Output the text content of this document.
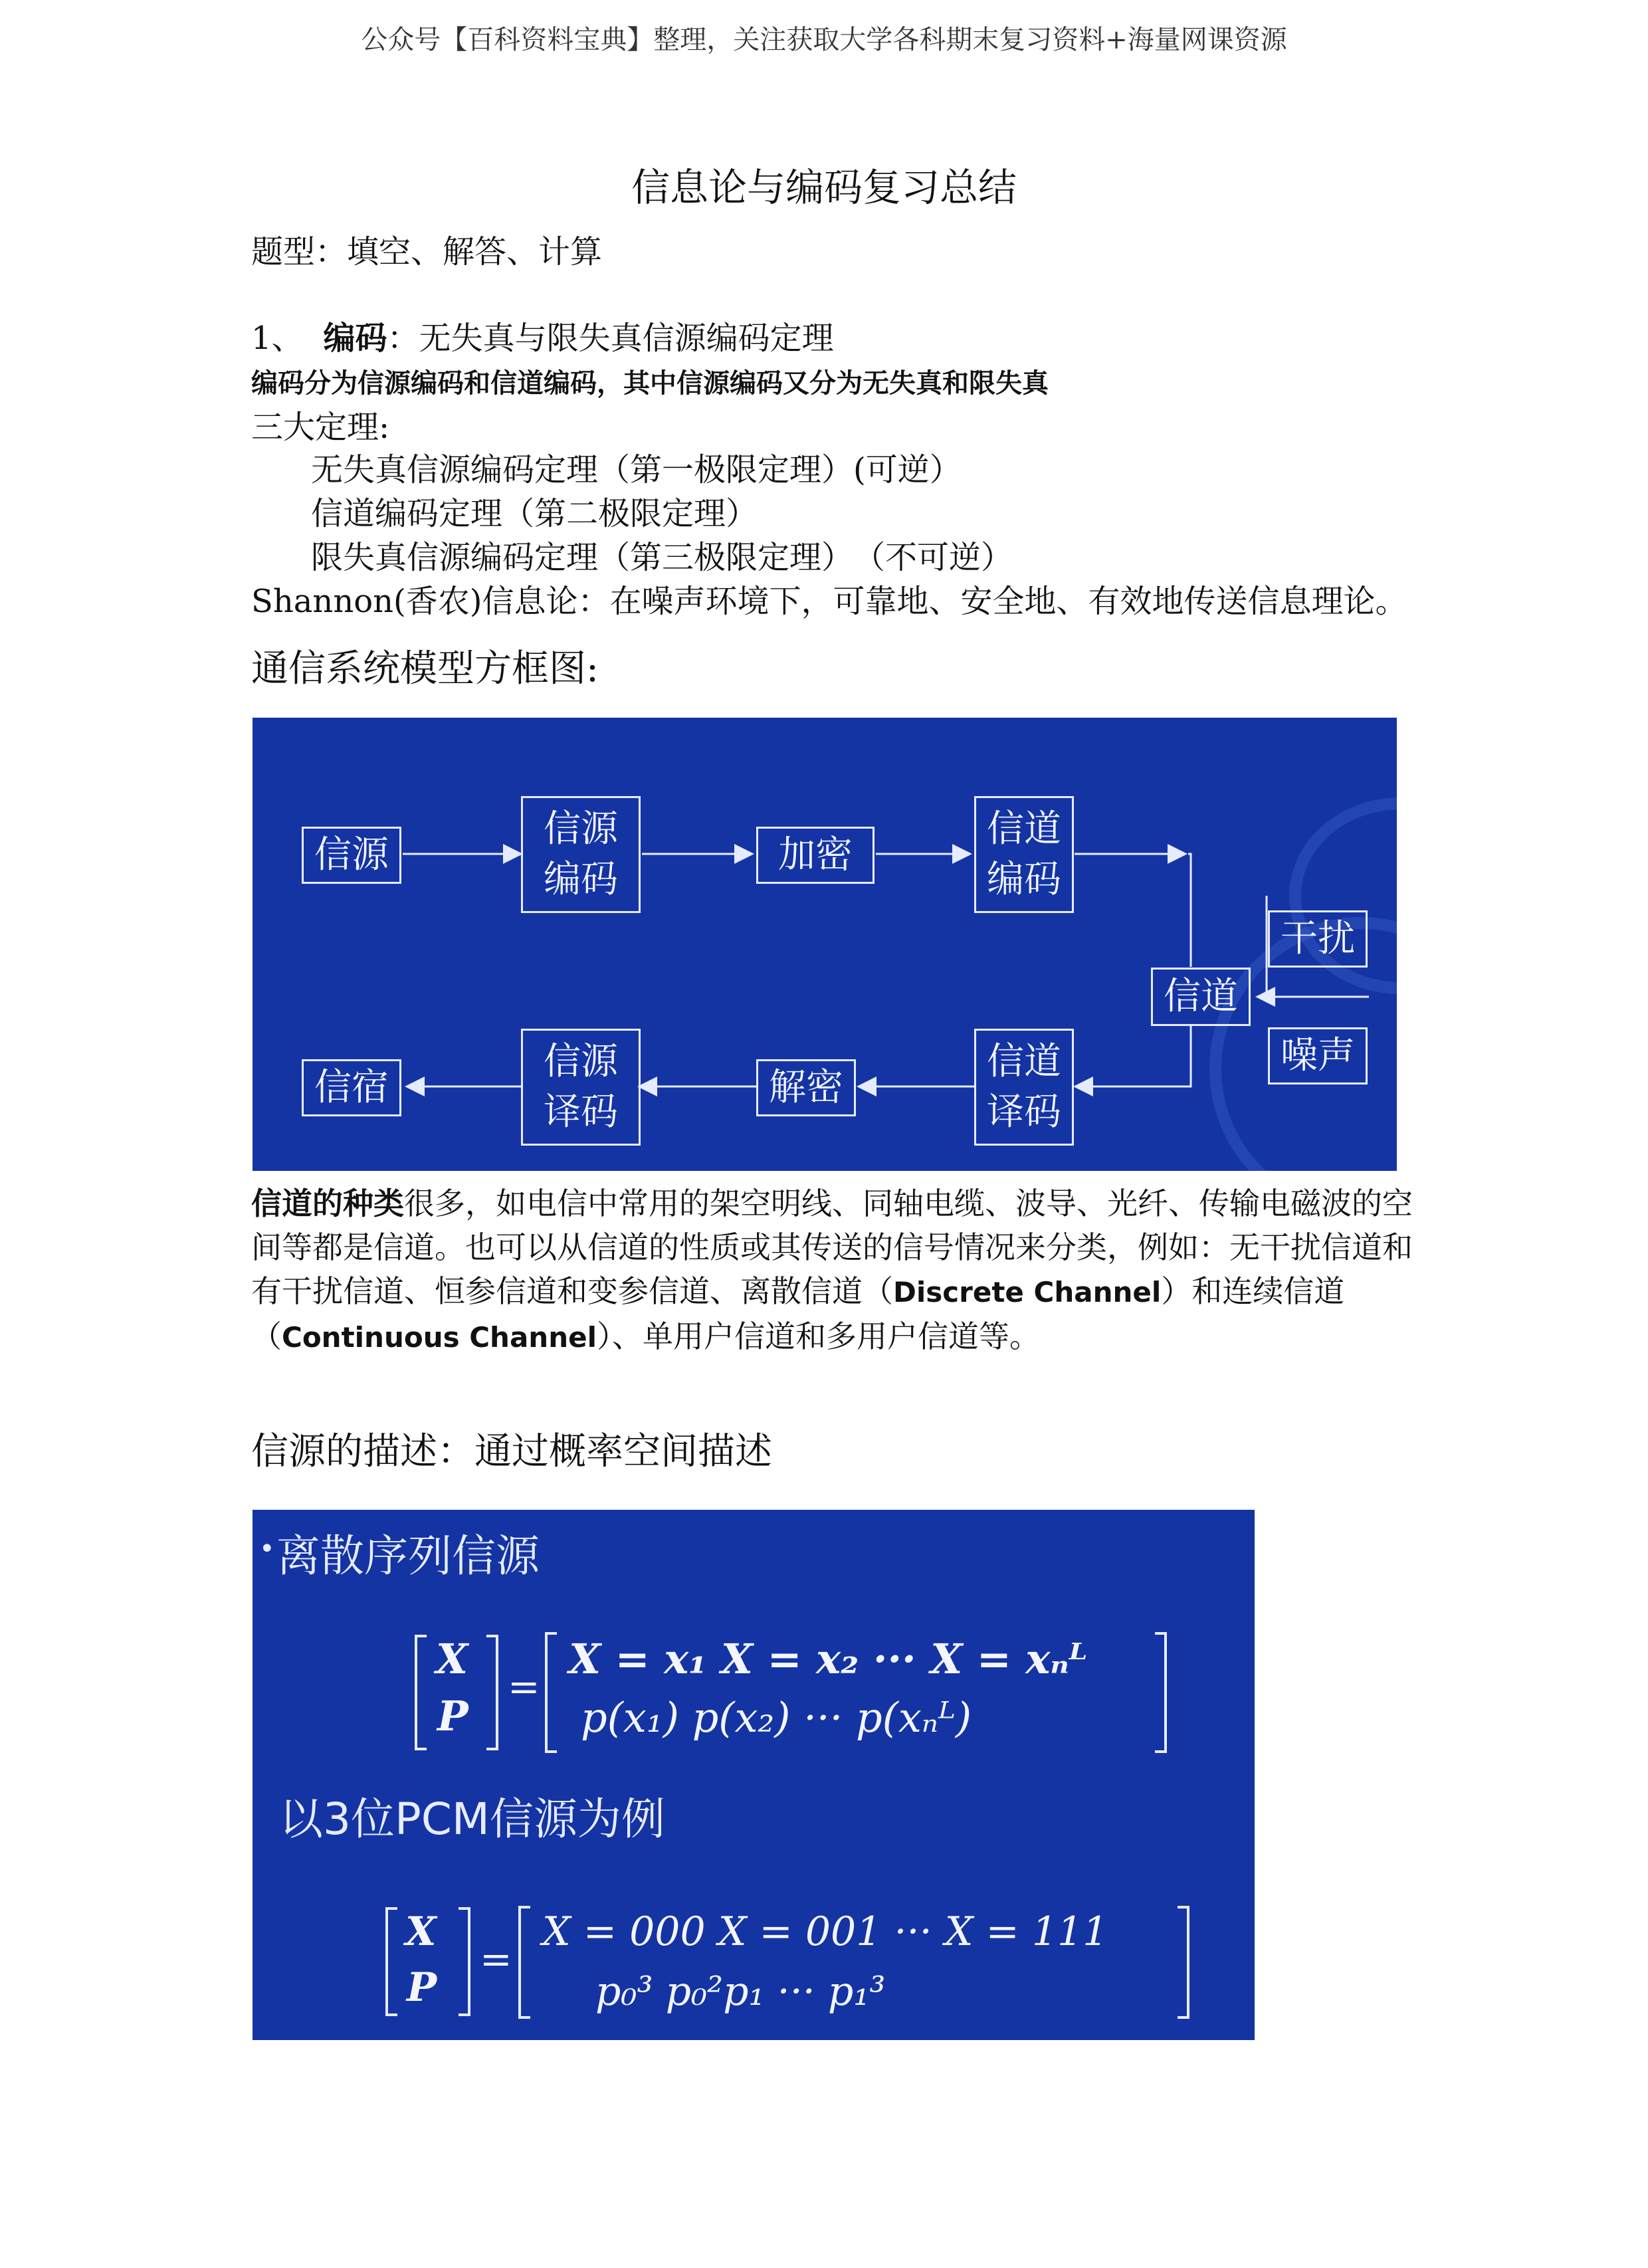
公众号【百科资料宝典】整理，关注获取大学各科期末复习资料+海量网课资源
信息论与编码复习总结
题型：填空、解答、计算
1、 编码：无失真与限失真信源编码定理
编码分为信源编码和信道编码，其中信源编码又分为无失真和限失真
三大定理:
无失真信源编码定理（第一极限定理）(可逆）
信道编码定理（第二极限定理）
限失真信源编码定理（第三极限定理）　（不可逆）
Shannon(香农)信息论：在噪声环境下，可靠地、安全地、有效地传送信息理论。
通信系统模型方框图:
信源
信源
编码
加密
信道
编码
干扰
信道
噪声
信道
译码
解密
信源
译码
信宿
信道的种类很多，如电信中常用的架空明线、同轴电缆、波导、光纤、传输电磁波的空间等都是信道。也可以从信道的性质或其传送的信号情况来分类，例如：无干扰信道和有干扰信道、恒参信道和变参信道、离散信道（Discrete Channel）和连续信道（Continuous Channel）、单用户信道和多用户信道等。
信源的描述：通过概率空间描述
离散序列信源
•
X
P
=
X = x₁ X = x₂ ··· X = xₙᴸ
p(x₁) p(x₂) ··· p(xₙᴸ)
以3位PCM信源为例
X
P
=
X = 000 X = 001 ··· X = 111
p₀³ p₀²p₁ ··· p₁³
